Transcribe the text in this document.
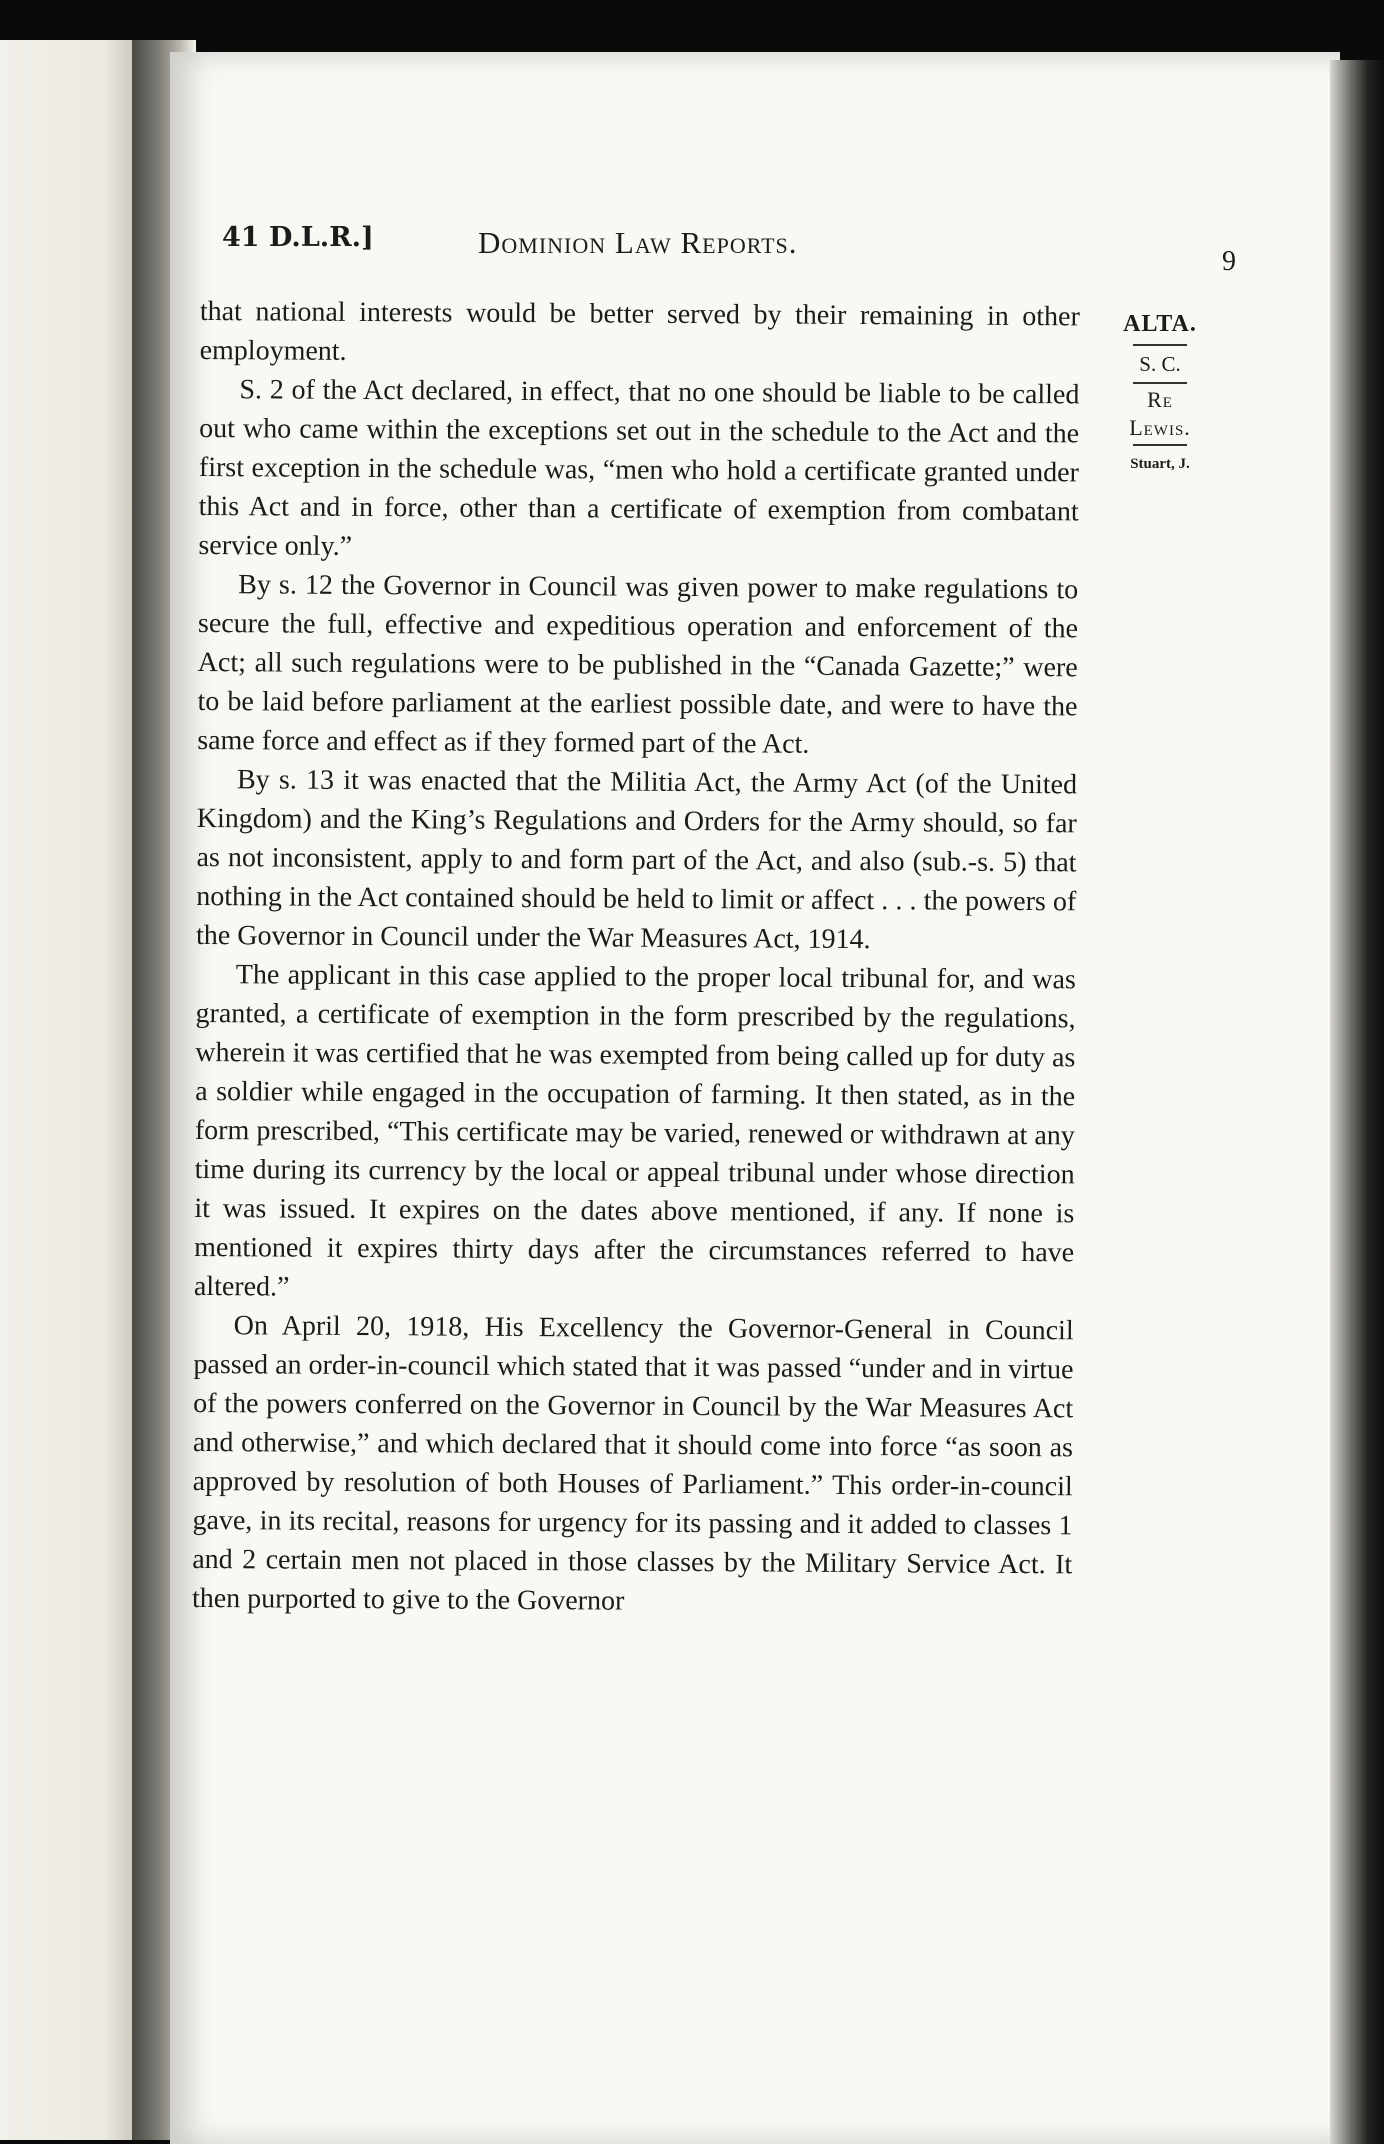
41 D.L.R.]	Dominion Law Reports.
9
ALTA.
S. C.
Re
Lewis.
Stuart, J.

that national interests would be better served by their remaining in other employment.

S. 2 of the Act declared, in effect, that no one should be liable to be called out who came within the exceptions set out in the schedule to the Act and the first exception in the schedule was, “men who hold a certificate granted under this Act and in force, other than a certificate of exemption from combatant service only.”

By s. 12 the Governor in Council was given power to make regulations to secure the full, effective and expeditious operation and enforcement of the Act; all such regulations were to be published in the “Canada Gazette;” were to be laid before parliament at the earliest possible date, and were to have the same force and effect as if they formed part of the Act.

By s. 13 it was enacted that the Militia Act, the Army Act (of the United Kingdom) and the King’s Regulations and Orders for the Army should, so far as not inconsistent, apply to and form part of the Act, and also (sub.-s. 5) that nothing in the Act contained should be held to limit or affect . . . the powers of the Governor in Council under the War Measures Act, 1914.

The applicant in this case applied to the proper local tribunal for, and was granted, a certificate of exemption in the form prescribed by the regulations, wherein it was certified that he was exempted from being called up for duty as a soldier while engaged in the occupation of farming. It then stated, as in the form prescribed, “This certificate may be varied, renewed or withdrawn at any time during its currency by the local or appeal tribunal under whose direction it was issued. It expires on the dates above mentioned, if any. If none is mentioned it expires thirty days after the circumstances referred to have altered.”

On April 20, 1918, His Excellency the Governor-General in Council passed an order-in-council which stated that it was passed “under and in virtue of the powers conferred on the Governor in Council by the War Measures Act and otherwise,” and which declared that it should come into force “as soon as approved by resolution of both Houses of Parliament.” This order-in-council gave, in its recital, reasons for urgency for its passing and it added to classes 1 and 2 certain men not placed in those classes by the Military Service Act. It then purported to give to the Governor
